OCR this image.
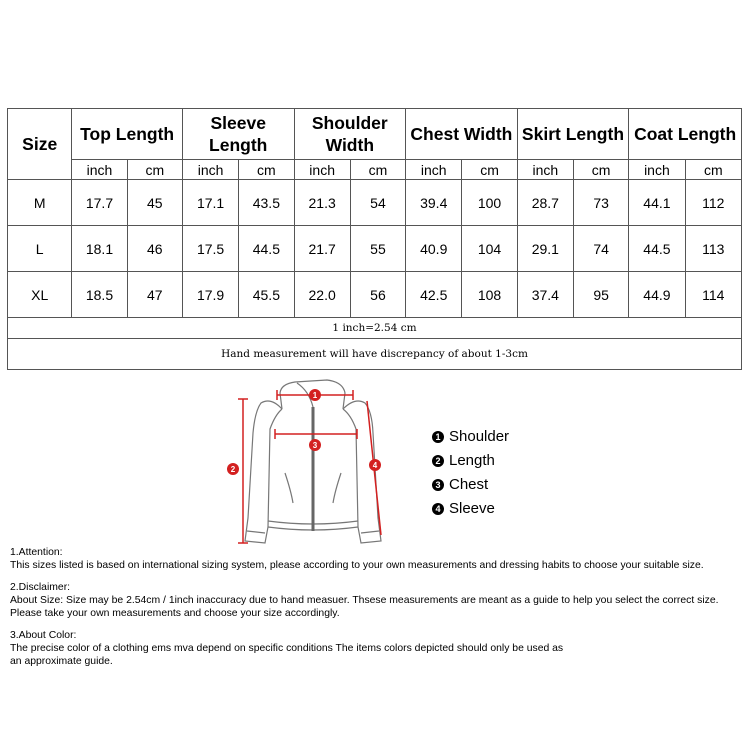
Size	Top Length		Sleeve Length		Shoulder Width		Chest Width		Skirt Length		Coat Length	
	inch	cm	inch	cm	inch	cm	inch	cm	inch	cm	inch	cm
M	17.7	45	17.1	43.5	21.3	54	39.4	100	28.7	73	44.1	112
L	18.1	46	17.5	44.5	21.7	55	40.9	104	29.1	74	44.5	113
XL	18.5	47	17.9	45.5	22.0	56	42.5	108	37.4	95	44.9	114
1 inch=2.54 cm												
Hand measurement will have discrepancy of about 1-3cm												
1
2
3
4
1 Shoulder
2 Length
3 Chest
4 Sleeve
1.Attention:
This sizes listed is based on international sizing system, please according to your own measurements and dressing habits to choose your suitable size.
2.Disclaimer:
About Size: Size may be 2.54cm / 1inch inaccuracy due to hand measuer. Thsese measurements are meant as a guide to help you select the correct size.
Please take your own measurements and choose your size accordingly.
3.About Color:
The precise color of a clothing ems mva depend on specific conditions The items colors depicted should only be used as
an approximate guide.
